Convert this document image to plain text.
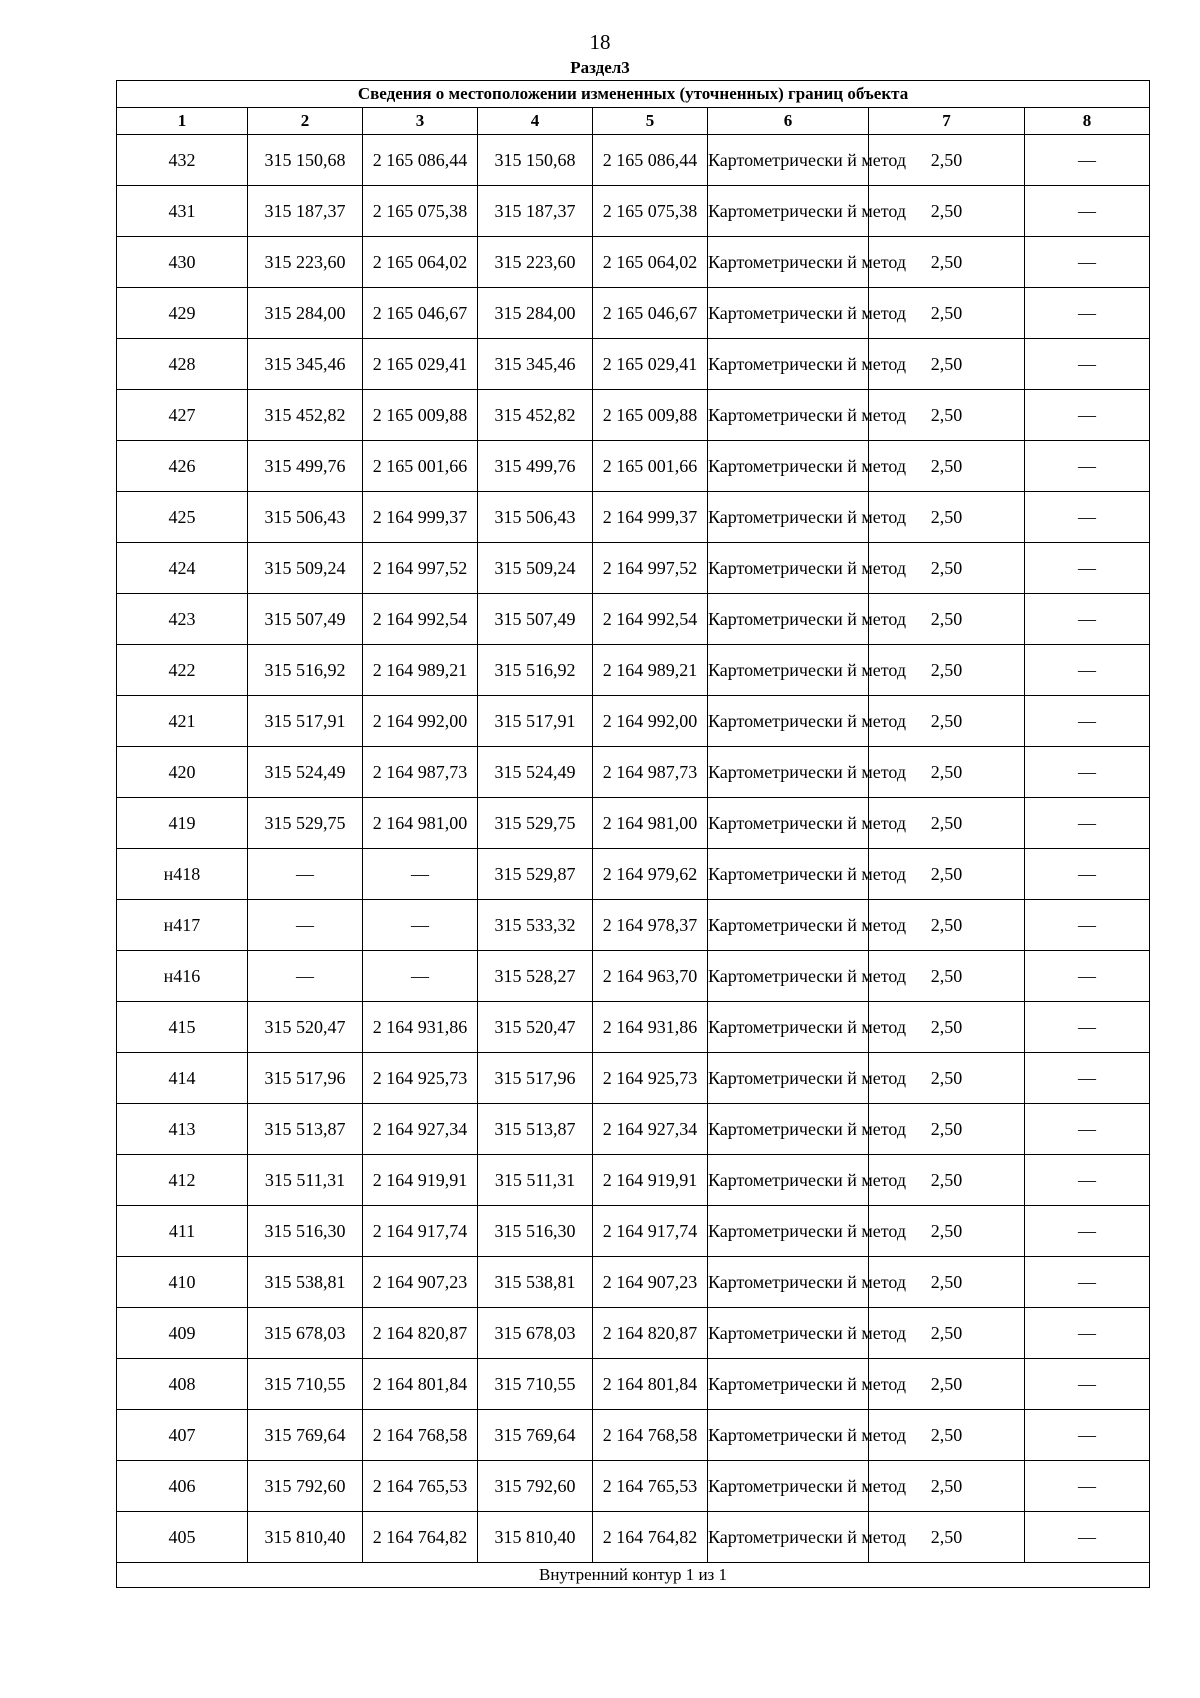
18
Раздел3
Сведения о местоположении измененных (уточненных) границ объекта							
1	2	3	4	5	6	7	8
432	315 150,68	2 165 086,44	315 150,68	2 165 086,44	Картометрически й метод	2,50	—
431	315 187,37	2 165 075,38	315 187,37	2 165 075,38	Картометрически й метод	2,50	—
430	315 223,60	2 165 064,02	315 223,60	2 165 064,02	Картометрически й метод	2,50	—
429	315 284,00	2 165 046,67	315 284,00	2 165 046,67	Картометрически й метод	2,50	—
428	315 345,46	2 165 029,41	315 345,46	2 165 029,41	Картометрически й метод	2,50	—
427	315 452,82	2 165 009,88	315 452,82	2 165 009,88	Картометрически й метод	2,50	—
426	315 499,76	2 165 001,66	315 499,76	2 165 001,66	Картометрически й метод	2,50	—
425	315 506,43	2 164 999,37	315 506,43	2 164 999,37	Картометрически й метод	2,50	—
424	315 509,24	2 164 997,52	315 509,24	2 164 997,52	Картометрически й метод	2,50	—
423	315 507,49	2 164 992,54	315 507,49	2 164 992,54	Картометрически й метод	2,50	—
422	315 516,92	2 164 989,21	315 516,92	2 164 989,21	Картометрически й метод	2,50	—
421	315 517,91	2 164 992,00	315 517,91	2 164 992,00	Картометрически й метод	2,50	—
420	315 524,49	2 164 987,73	315 524,49	2 164 987,73	Картометрически й метод	2,50	—
419	315 529,75	2 164 981,00	315 529,75	2 164 981,00	Картометрически й метод	2,50	—
н418	—	—	315 529,87	2 164 979,62	Картометрически й метод	2,50	—
н417	—	—	315 533,32	2 164 978,37	Картометрически й метод	2,50	—
н416	—	—	315 528,27	2 164 963,70	Картометрически й метод	2,50	—
415	315 520,47	2 164 931,86	315 520,47	2 164 931,86	Картометрически й метод	2,50	—
414	315 517,96	2 164 925,73	315 517,96	2 164 925,73	Картометрически й метод	2,50	—
413	315 513,87	2 164 927,34	315 513,87	2 164 927,34	Картометрически й метод	2,50	—
412	315 511,31	2 164 919,91	315 511,31	2 164 919,91	Картометрически й метод	2,50	—
411	315 516,30	2 164 917,74	315 516,30	2 164 917,74	Картометрически й метод	2,50	—
410	315 538,81	2 164 907,23	315 538,81	2 164 907,23	Картометрически й метод	2,50	—
409	315 678,03	2 164 820,87	315 678,03	2 164 820,87	Картометрически й метод	2,50	—
408	315 710,55	2 164 801,84	315 710,55	2 164 801,84	Картометрически й метод	2,50	—
407	315 769,64	2 164 768,58	315 769,64	2 164 768,58	Картометрически й метод	2,50	—
406	315 792,60	2 164 765,53	315 792,60	2 164 765,53	Картометрически й метод	2,50	—
405	315 810,40	2 164 764,82	315 810,40	2 164 764,82	Картометрически й метод	2,50	—
Внутренний контур 1 из 1							
